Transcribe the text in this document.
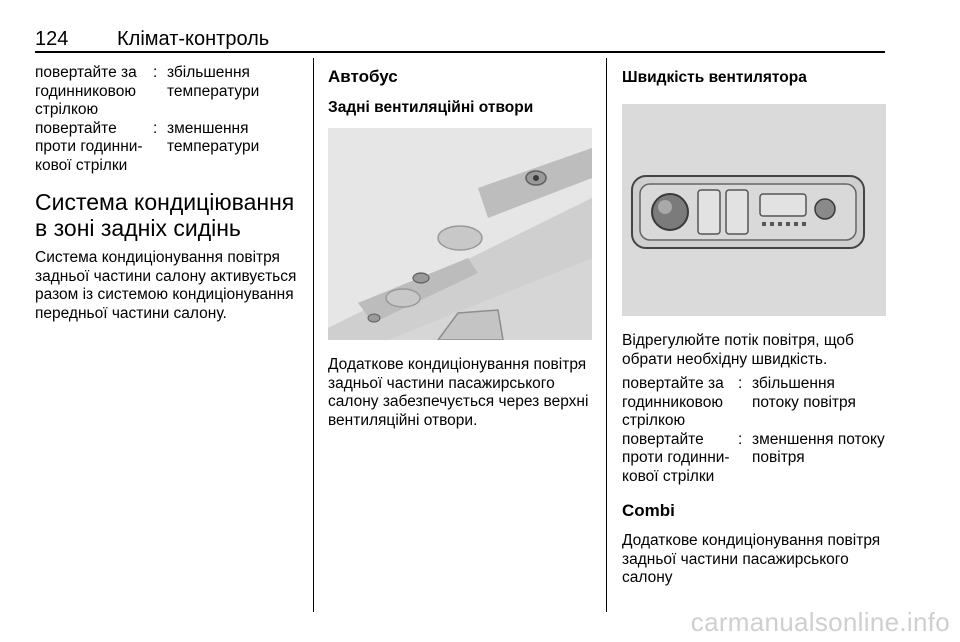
124 Клімат-контроль
повертайте за годинниковою стрілкою
: збільшення температури
повертайте проти годинни- кової стрілки
: зменшення температури
Система кондиціювання в зоні задніх сидінь

Система кондиціонування повітря задньої частини салону активується разом із системою кондиціонування передньої частини салону.

Автобус
Задні вентиляційні отвори

Додаткове кондиціонування повітря задньої частини пасажирського салону забезпечується через верхні вентиляційні отвори.

Швидкість вентилятора

Відрегулюйте потік повітря, щоб обрати необхідну швидкість.

повертайте за годинниковою стрілкою
: збільшення потоку повітря
повертайте проти годинни- кової стрілки
: зменшення потоку повітря
Combi

Додаткове кондиціонування повітря задньої частини пасажирського салону

carmanualsonline.info
